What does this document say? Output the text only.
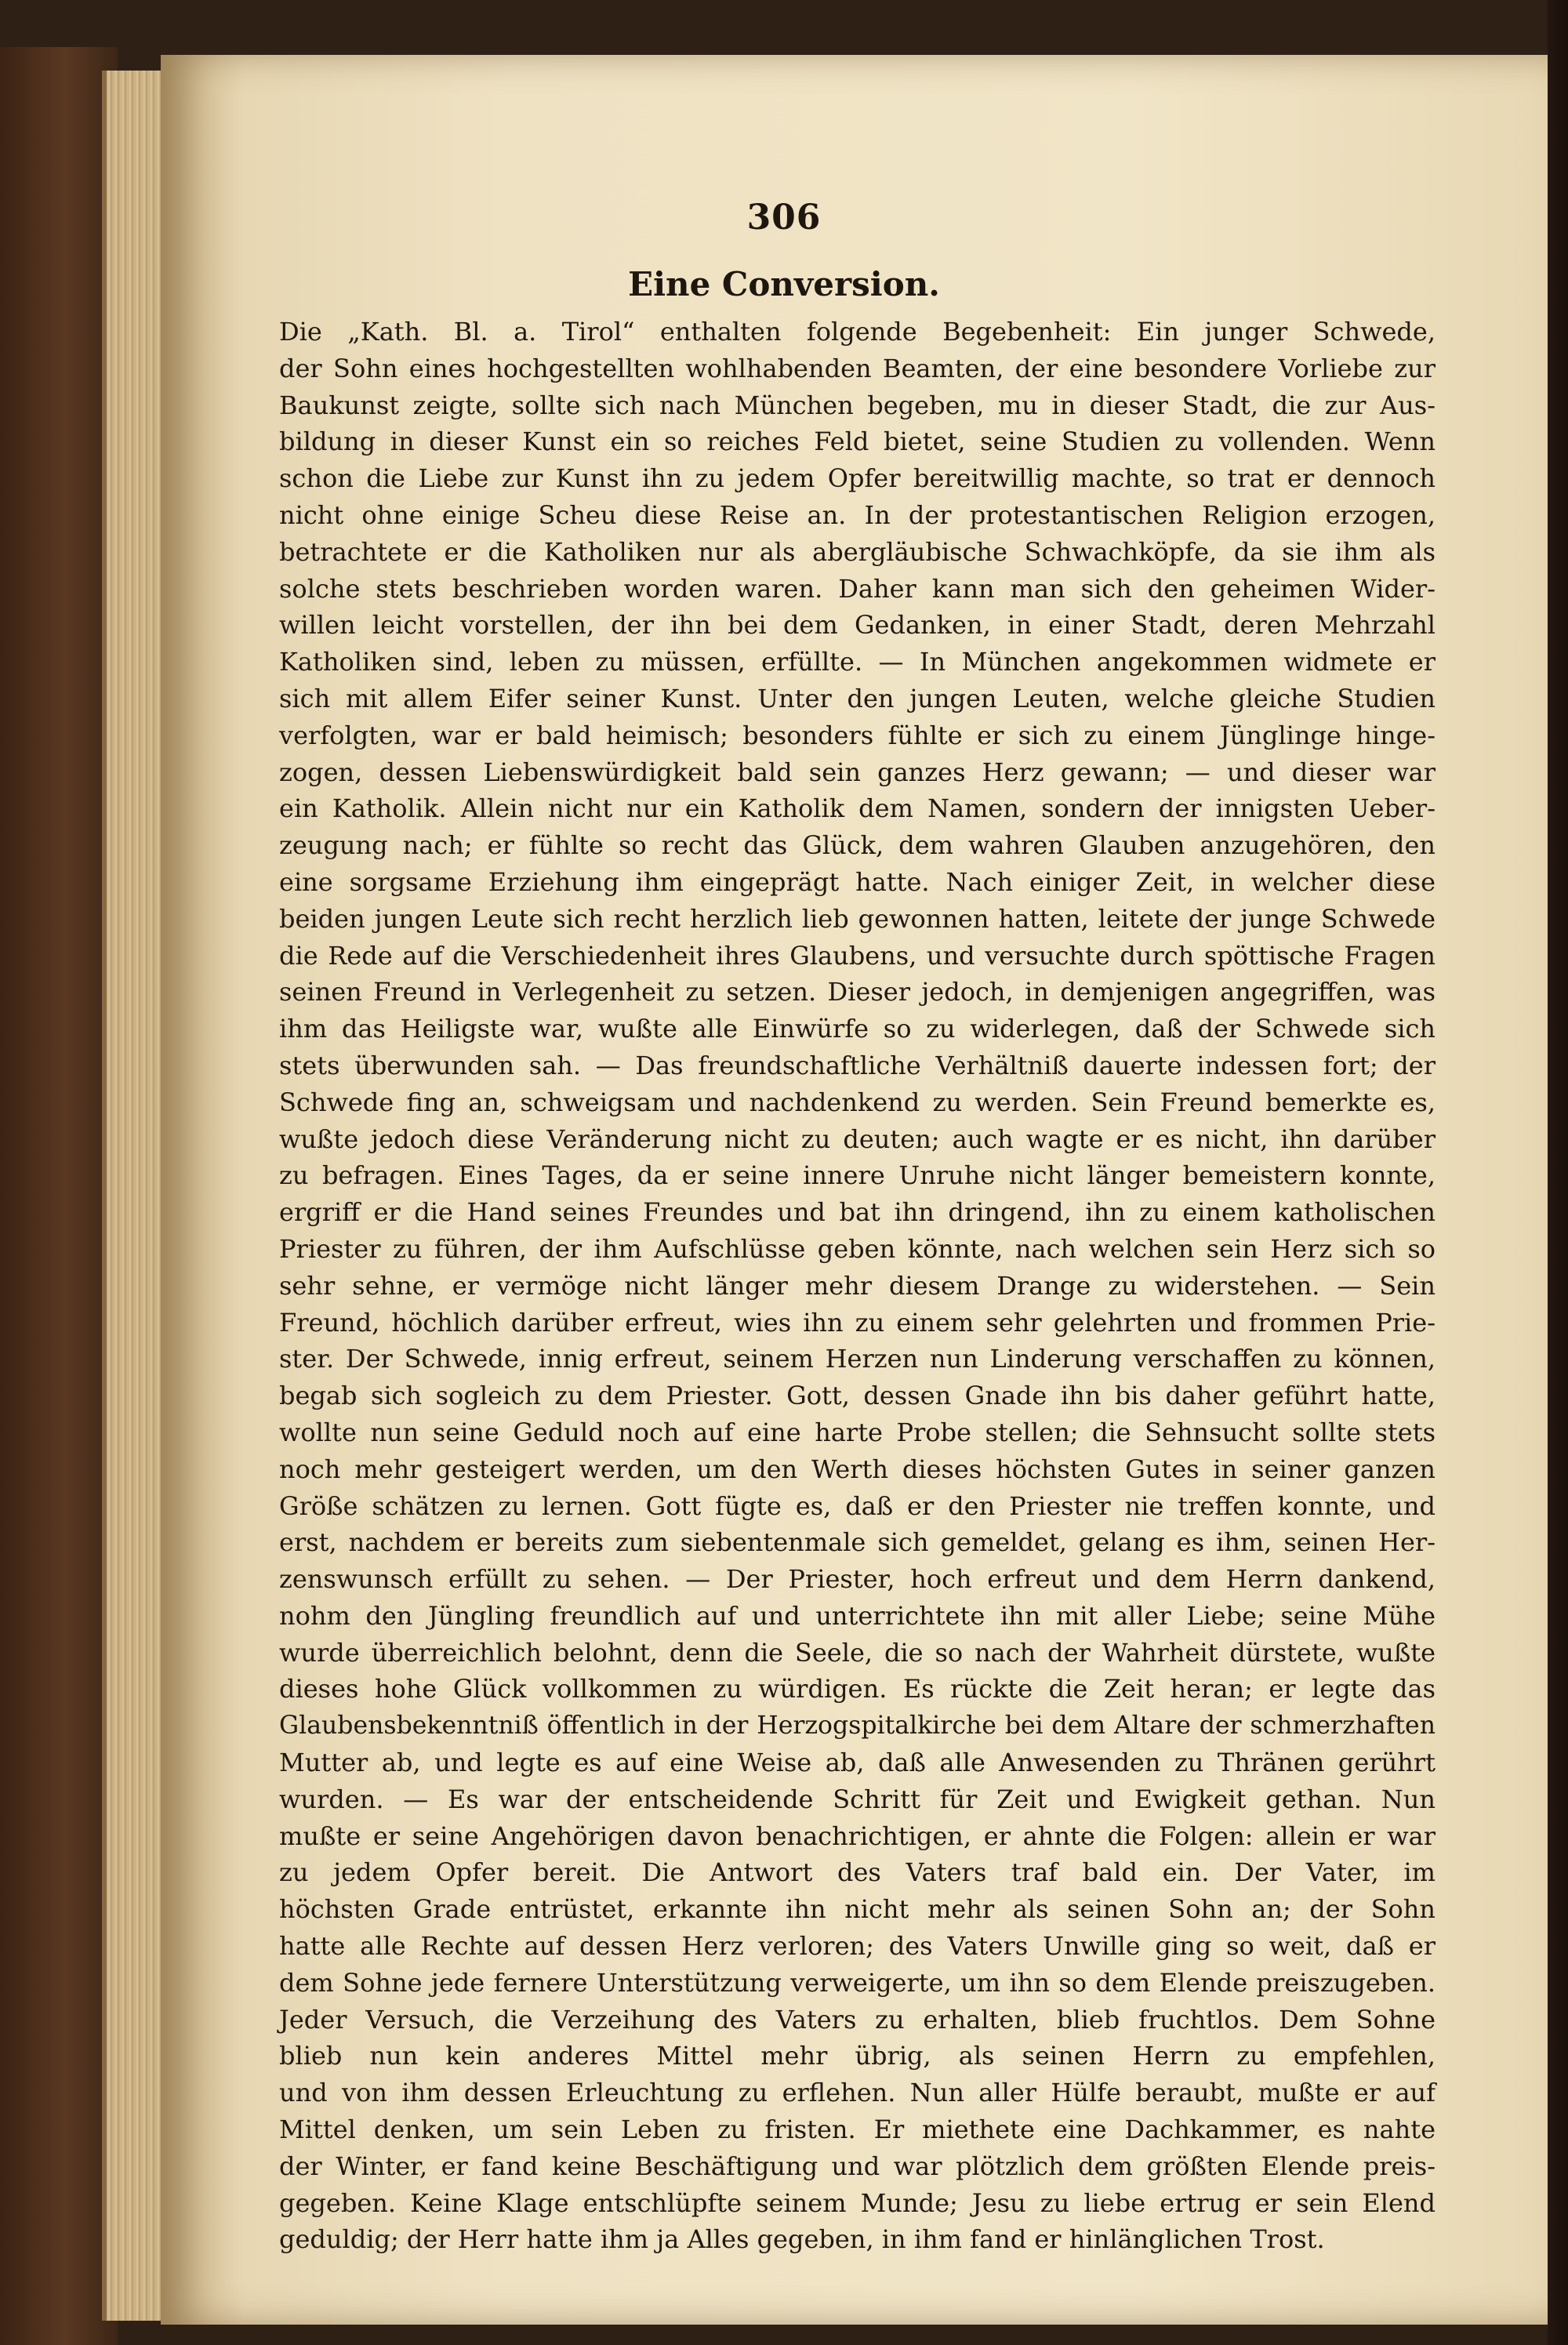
306
Eine Conversion.
Die „Kath. Bl. a. Tirol“ enthalten folgende Begebenheit: Ein junger Schwede,
der Sohn eines hochgestellten wohlhabenden Beamten, der eine besondere Vorliebe zur
Baukunst zeigte, sollte sich nach München begeben, mu in dieser Stadt, die zur Aus-
bildung in dieser Kunst ein so reiches Feld bietet, seine Studien zu vollenden. Wenn
schon die Liebe zur Kunst ihn zu jedem Opfer bereitwillig machte, so trat er dennoch
nicht ohne einige Scheu diese Reise an. In der protestantischen Religion erzogen,
betrachtete er die Katholiken nur als abergläubische Schwachköpfe, da sie ihm als
solche stets beschrieben worden waren. Daher kann man sich den geheimen Wider-
willen leicht vorstellen, der ihn bei dem Gedanken, in einer Stadt, deren Mehrzahl
Katholiken sind, leben zu müssen, erfüllte. — In München angekommen widmete er
sich mit allem Eifer seiner Kunst. Unter den jungen Leuten, welche gleiche Studien
verfolgten, war er bald heimisch; besonders fühlte er sich zu einem Jünglinge hinge-
zogen, dessen Liebenswürdigkeit bald sein ganzes Herz gewann; — und dieser war
ein Katholik. Allein nicht nur ein Katholik dem Namen, sondern der innigsten Ueber-
zeugung nach; er fühlte so recht das Glück, dem wahren Glauben anzugehören, den
eine sorgsame Erziehung ihm eingeprägt hatte. Nach einiger Zeit, in welcher diese
beiden jungen Leute sich recht herzlich lieb gewonnen hatten, leitete der junge Schwede
die Rede auf die Verschiedenheit ihres Glaubens, und versuchte durch spöttische Fragen
seinen Freund in Verlegenheit zu setzen. Dieser jedoch, in demjenigen angegriffen, was
ihm das Heiligste war, wußte alle Einwürfe so zu widerlegen, daß der Schwede sich
stets überwunden sah. — Das freundschaftliche Verhältniß dauerte indessen fort; der
Schwede fing an, schweigsam und nachdenkend zu werden. Sein Freund bemerkte es,
wußte jedoch diese Veränderung nicht zu deuten; auch wagte er es nicht, ihn darüber
zu befragen. Eines Tages, da er seine innere Unruhe nicht länger bemeistern konnte,
ergriff er die Hand seines Freundes und bat ihn dringend, ihn zu einem katholischen
Priester zu führen, der ihm Aufschlüsse geben könnte, nach welchen sein Herz sich so
sehr sehne, er vermöge nicht länger mehr diesem Drange zu widerstehen. — Sein
Freund, höchlich darüber erfreut, wies ihn zu einem sehr gelehrten und frommen Prie-
ster. Der Schwede, innig erfreut, seinem Herzen nun Linderung verschaffen zu können,
begab sich sogleich zu dem Priester. Gott, dessen Gnade ihn bis daher geführt hatte,
wollte nun seine Geduld noch auf eine harte Probe stellen; die Sehnsucht sollte stets
noch mehr gesteigert werden, um den Werth dieses höchsten Gutes in seiner ganzen
Größe schätzen zu lernen. Gott fügte es, daß er den Priester nie treffen konnte, und
erst, nachdem er bereits zum siebentenmale sich gemeldet, gelang es ihm, seinen Her-
zenswunsch erfüllt zu sehen. — Der Priester, hoch erfreut und dem Herrn dankend,
nohm den Jüngling freundlich auf und unterrichtete ihn mit aller Liebe; seine Mühe
wurde überreichlich belohnt, denn die Seele, die so nach der Wahrheit dürstete, wußte
dieses hohe Glück vollkommen zu würdigen. Es rückte die Zeit heran; er legte das
Glaubensbekenntniß öffentlich in der Herzogspitalkirche bei dem Altare der schmerzhaften
Mutter ab, und legte es auf eine Weise ab, daß alle Anwesenden zu Thränen gerührt
wurden. — Es war der entscheidende Schritt für Zeit und Ewigkeit gethan. Nun
mußte er seine Angehörigen davon benachrichtigen, er ahnte die Folgen: allein er war
zu jedem Opfer bereit. Die Antwort des Vaters traf bald ein. Der Vater, im
höchsten Grade entrüstet, erkannte ihn nicht mehr als seinen Sohn an; der Sohn
hatte alle Rechte auf dessen Herz verloren; des Vaters Unwille ging so weit, daß er
dem Sohne jede fernere Unterstützung verweigerte, um ihn so dem Elende preiszugeben.
Jeder Versuch, die Verzeihung des Vaters zu erhalten, blieb fruchtlos. Dem Sohne
blieb nun kein anderes Mittel mehr übrig, als seinen Herrn zu empfehlen,
und von ihm dessen Erleuchtung zu erflehen. Nun aller Hülfe beraubt, mußte er auf
Mittel denken, um sein Leben zu fristen. Er miethete eine Dachkammer, es nahte
der Winter, er fand keine Beschäftigung und war plötzlich dem größten Elende preis-
gegeben. Keine Klage entschlüpfte seinem Munde; Jesu zu liebe ertrug er sein Elend
geduldig; der Herr hatte ihm ja Alles gegeben, in ihm fand er hinlänglichen Trost.
